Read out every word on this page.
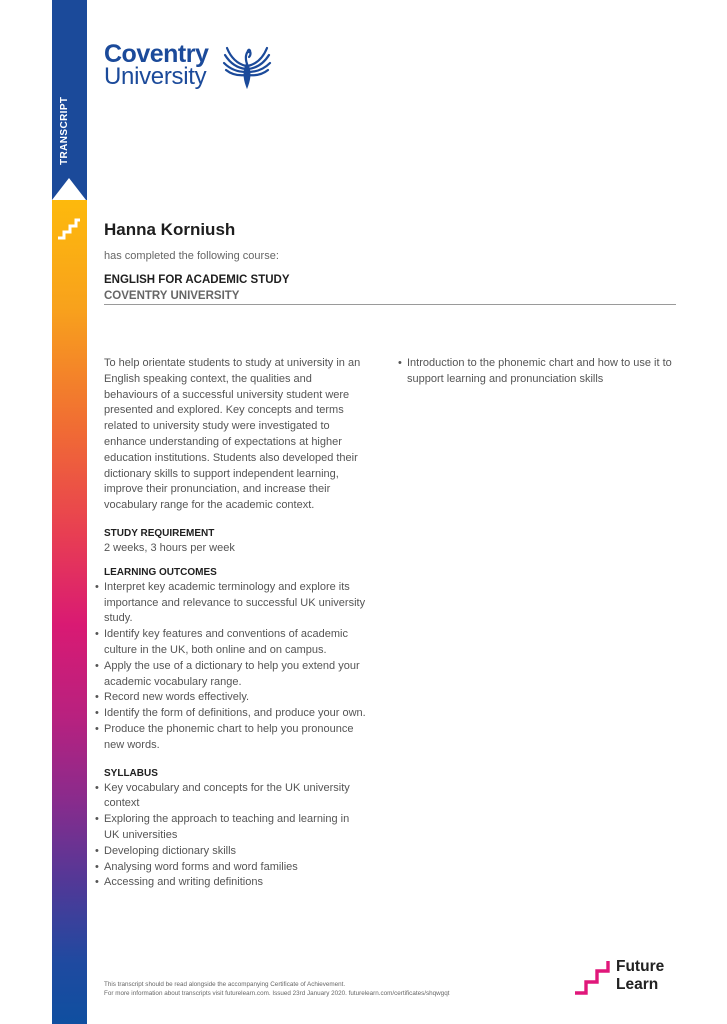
TRANSCRIPT
Coventry
University
Hanna Korniush
has completed the following course:
ENGLISH FOR ACADEMIC STUDY
COVENTRY UNIVERSITY

To help orientate students to study at university in an English speaking context, the qualities and behaviours of a successful university student were presented and explored. Key concepts and terms related to university study were investigated to enhance understanding of expectations at higher education institutions. Students also developed their dictionary skills to support independent learning, improve their pronunciation, and increase their vocabulary range for the academic context.

STUDY REQUIREMENT
2 weeks, 3 hours per week
LEARNING OUTCOMES
• Interpret key academic terminology and explore its importance and relevance to successful UK university study.
• Identify key features and conventions of academic culture in the UK, both online and on campus.
• Apply the use of a dictionary to help you extend your academic vocabulary range.
• Record new words effectively.
• Identify the form of definitions, and produce your own.
• Produce the phonemic chart to help you pronounce new words.
SYLLABUS
• Key vocabulary and concepts for the UK university context
• Exploring the approach to teaching and learning in UK universities
• Developing dictionary skills
• Analysing word forms and word families
• Accessing and writing definitions
• Introduction to the phonemic chart and how to use it to support learning and pronunciation skills
This transcript should be read alongside the accompanying Certificate of Achievement.
For more information about transcripts visit futurelearn.com. Issued 23rd January 2020. futurelearn.com/certificates/shqwgqt
Future
Learn
